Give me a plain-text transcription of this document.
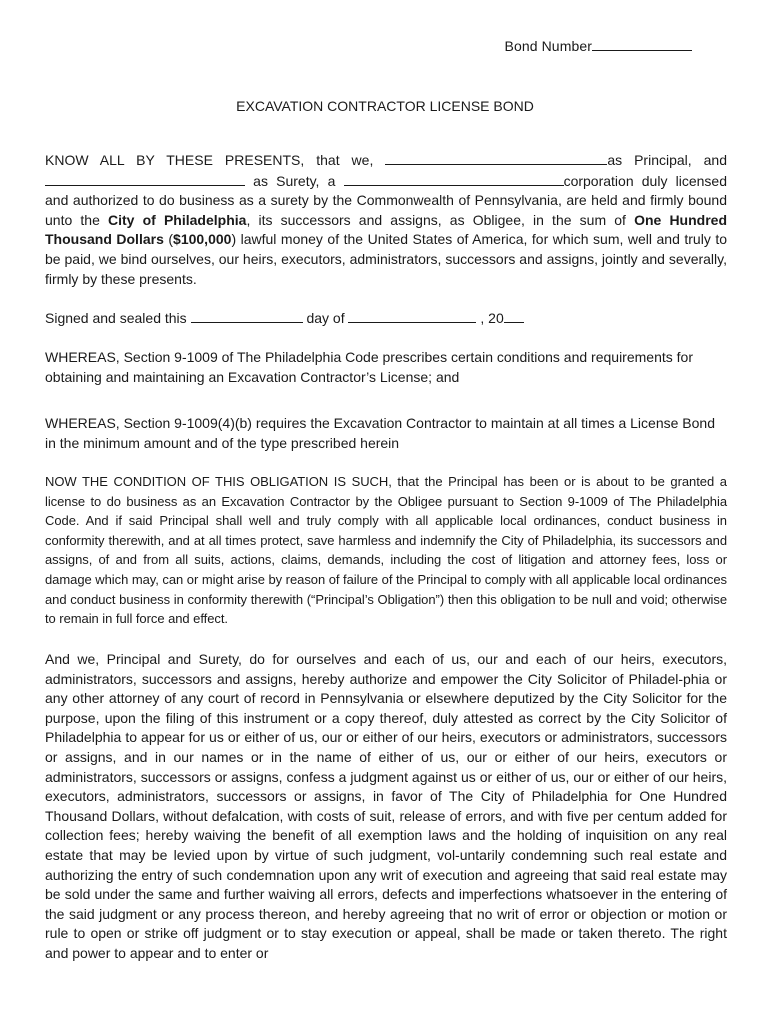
Bond Number
EXCAVATION CONTRACTOR LICENSE BOND
KNOW ALL BY THESE PRESENTS, that we,	as Principal, and  as Surety, a	corporation duly licensed and authorized to do business as a surety by the Commonwealth of Pennsylvania, are held and firmly bound unto the City of Philadelphia, its successors and assigns, as Obligee, in the sum of One Hundred Thousand Dollars ($100,000) lawful money of the United States of America, for which sum, well and truly to be paid, we bind ourselves, our heirs, executors, administrators, successors and assigns, jointly and severally, firmly by these presents.
Signed and sealed this	day of	, 20
WHEREAS, Section 9-1009 of The Philadelphia Code prescribes certain conditions and requirements for obtaining and maintaining an Excavation Contractor’s License; and
WHEREAS, Section 9-1009(4)(b) requires the Excavation Contractor to maintain at all times a License Bond in the minimum amount and of the type prescribed herein
NOW THE CONDITION OF THIS OBLIGATION IS SUCH, that the Principal has been or is about to be granted a license to do business as an Excavation Contractor by the Obligee pursuant to Section 9-1009 of The Philadelphia Code. And if said Principal shall well and truly comply with all applicable local ordinances, conduct business in conformity therewith, and at all times protect, save harmless and indemnify the City of Philadelphia, its successors and assigns, of and from all suits, actions, claims, demands, including the cost of litigation and attorney fees, loss or damage which may, can or might arise by reason of failure of the Principal to comply with all applicable local ordinances and conduct business in conformity therewith (“Principal’s Obligation”) then this obligation to be null and void; otherwise to remain in full force and effect.
And we, Principal and Surety, do for ourselves and each of us, our and each of our heirs, executors, administrators, successors and assigns, hereby authorize and empower the City Solicitor of Philadel-phia or any other attorney of any court of record in Pennsylvania or elsewhere deputized by the City Solicitor for the purpose, upon the filing of this instrument or a copy thereof, duly attested as correct by the City Solicitor of Philadelphia to appear for us or either of us, our or either of our heirs, executors or administrators, successors or assigns, and in our names or in the name of either of us, our or either of our heirs, executors or administrators, successors or assigns, confess a judgment against us or either of us, our or either of our heirs, executors, administrators, successors or assigns, in favor of The City of Philadelphia for One Hundred Thousand Dollars, without defalcation, with costs of suit, release of errors, and with five per centum added for collection fees; hereby waiving the benefit of all exemption laws and the holding of inquisition on any real estate that may be levied upon by virtue of such judgment, vol-untarily condemning such real estate and authorizing the entry of such condemnation upon any writ of execution and agreeing that said real estate may be sold under the same and further waiving all errors, defects and imperfections whatsoever in the entering of the said judgment or any process thereon, and hereby agreeing that no writ of error or objection or motion or rule to open or strike off judgment or to stay execution or appeal, shall be made or taken thereto. The right and power to appear and to enter or
